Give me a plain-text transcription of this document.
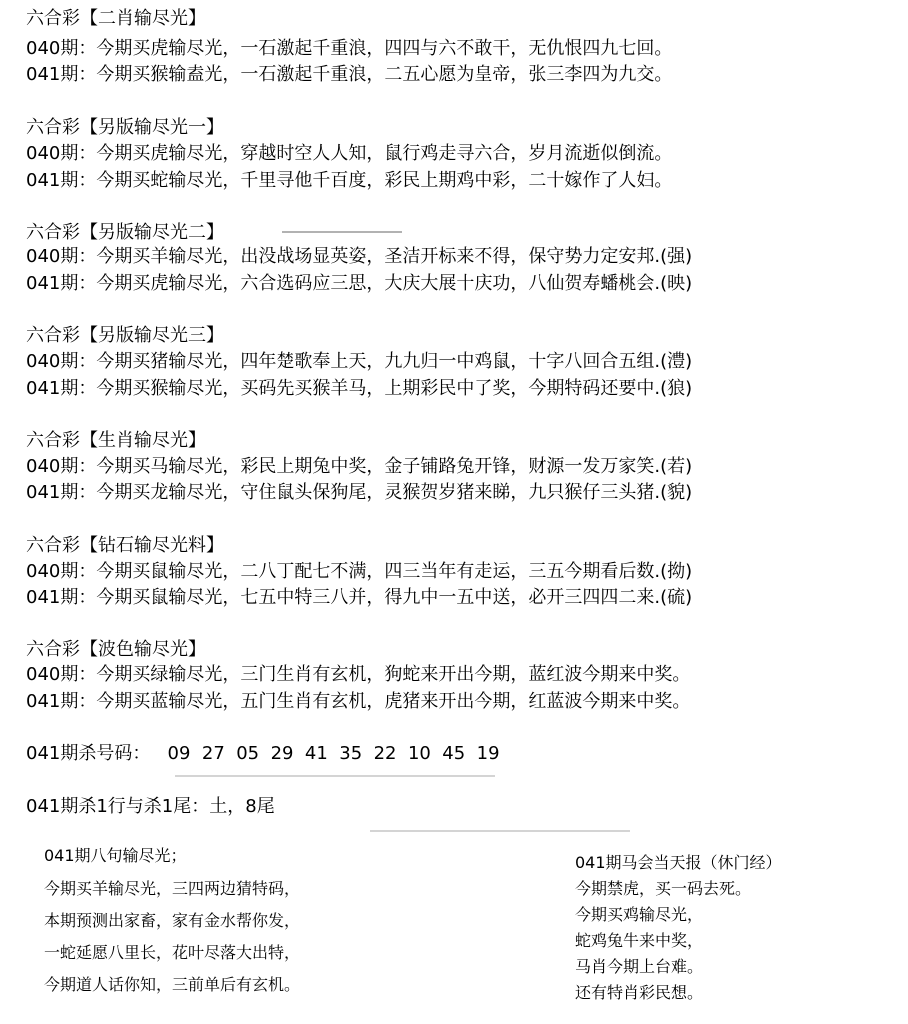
六合彩【二肖输尽光】
040期：今期买虎输尽光，一石激起千重浪，四四与六不敢干，无仇恨四九七回。
041期：今期买猴输盍光，一石激起千重浪，二五心愿为皇帝，张三李四为九交。
六合彩【另版输尽光一】
040期：今期买虎输尽光，穿越时空人人知，鼠行鸡走寻六合，岁月流逝似倒流。
041期：今期买蛇输尽光，千里寻他千百度，彩民上期鸡中彩，二十嫁作了人妇。
六合彩【另版输尽光二】
040期：今期买羊输尽光，出没战场显英姿，圣洁开标来不得，保守势力定安邦.(强)
041期：今期买虎输尽光，六合选码应三思，大庆大展十庆功，八仙贺寿蟠桃会.(映)
六合彩【另版输尽光三】
040期：今期买猪输尽光，四年楚歌奉上天，九九归一中鸡鼠，十字八回合五组.(澧)
041期：今期买猴输尽光，买码先买猴羊马，上期彩民中了奖，今期特码还要中.(狼)
六合彩【生肖输尽光】
040期：今期买马输尽光，彩民上期兔中奖，金子铺路兔开锋，财源一发万家笑.(若)
041期：今期买龙输尽光，守住鼠头保狗尾，灵猴贺岁猪来睇，九只猴仔三头猪.(貌)
六合彩【钻石输尽光料】
040期：今期买鼠输尽光，二八丁配七不满，四三当年有走运，三五今期看后数.(拗)
041期：今期买鼠输尽光，七五中特三八并，得九中一五中送，必开三四四二来.(硫)
六合彩【波色输尽光】
040期：今期买绿输尽光，三门生肖有玄机，狗蛇来开出今期，蓝红波今期来中奖。
041期：今期买蓝输尽光，五门生肖有玄机，虎猪来开出今期，红蓝波今期来中奖。
041期杀号码：   09  27  05  29  41  35  22  10  45  19
041期杀1行与杀1尾：土，8尾
041期八句输尽光；
今期买羊输尽光，三四两边猜特码，
本期预测出家畜，家有金水帮你发，
一蛇延愿八里长，花叶尽落大出特，
今期道人话你知，三前单后有玄机。
041期马会当天报（休门经）
今期禁虎，买一码去死。
今期买鸡输尽光，
蛇鸡兔牛来中奖，
马肖今期上台难。
还有特肖彩民想。
